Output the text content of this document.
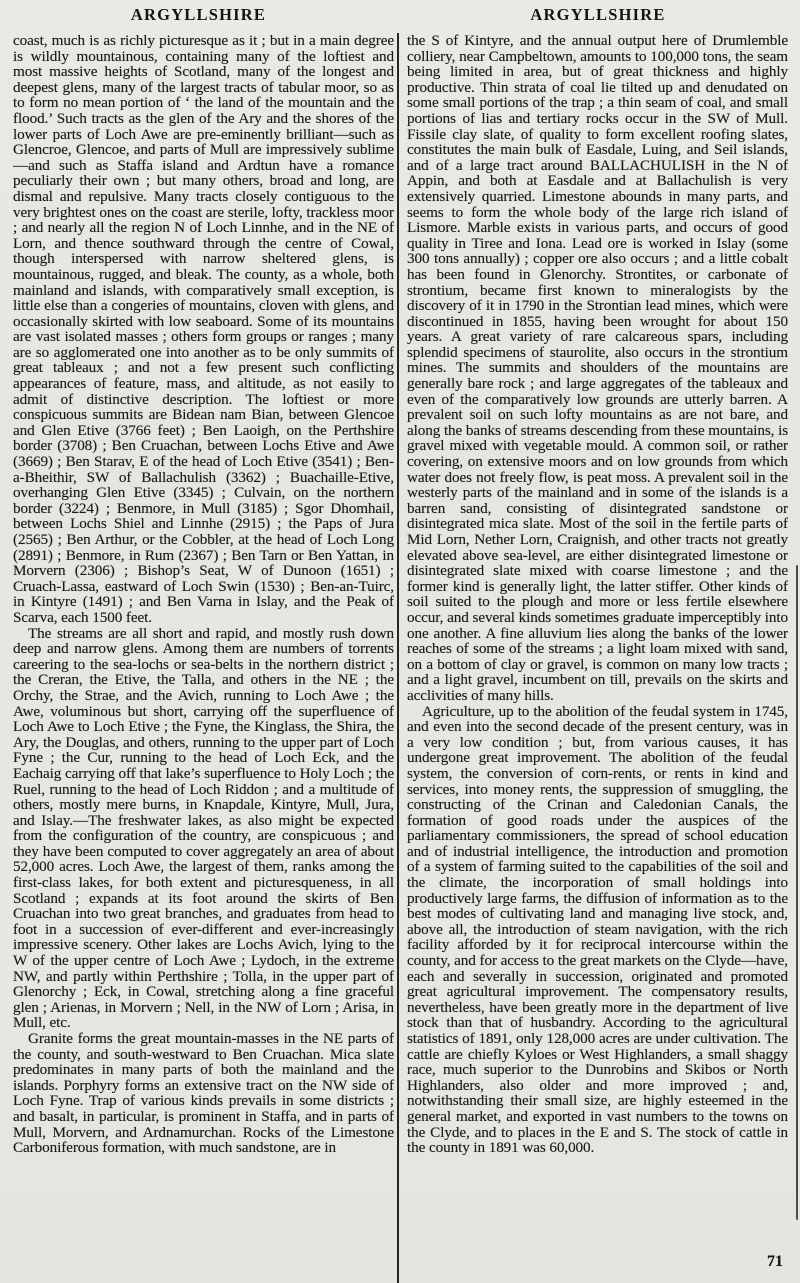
ARGYLLSHIRE	ARGYLLSHIRE

coast, much is as richly picturesque as it ; but in a main degree is wildly mountainous, containing many of the loftiest and most massive heights of Scotland, many of the longest and deepest glens, many of the largest tracts of tabular moor, so as to form no mean portion of ‘ the land of the mountain and the flood.’ Such tracts as the glen of the Ary and the shores of the lower parts of Loch Awe are pre-eminently brilliant—such as Glencroe, Glencoe, and parts of Mull are impressively sublime—and such as Staffa island and Ardtun have a romance peculiarly their own ; but many others, broad and long, are dismal and repulsive. Many tracts closely contiguous to the very brightest ones on the coast are sterile, lofty, trackless moor ; and nearly all the region N of Loch Linnhe, and in the NE of Lorn, and thence southward through the centre of Cowal, though interspersed with narrow sheltered glens, is mountainous, rugged, and bleak. The county, as a whole, both mainland and islands, with comparatively small exception, is little else than a congeries of mountains, cloven with glens, and occasionally skirted with low seaboard. Some of its mountains are vast isolated masses ; others form groups or ranges ; many are so agglomerated one into another as to be only summits of great tableaux ; and not a few present such conflicting appearances of feature, mass, and altitude, as not easily to admit of distinctive description. The loftiest or more conspicuous summits are Bidean nam Bian, between Glencoe and Glen Etive (3766 feet) ; Ben Laoigh, on the Perthshire border (3708) ; Ben Cruachan, between Lochs Etive and Awe (3669) ; Ben Starav, E of the head of Loch Etive (3541) ; Ben-a-Bheithir, SW of Ballachulish (3362) ; Buachaille-Etive, overhanging Glen Etive (3345) ; Culvain, on the northern border (3224) ; Benmore, in Mull (3185) ; Sgor Dhomhail, between Lochs Shiel and Linnhe (2915) ; the Paps of Jura (2565) ; Ben Arthur, or the Cobbler, at the head of Loch Long (2891) ; Benmore, in Rum (2367) ; Ben Tarn or Ben Yattan, in Morvern (2306) ; Bishop’s Seat, W of Dunoon (1651) ; Cruach-Lassa, eastward of Loch Swin (1530) ; Ben-an-Tuirc, in Kintyre (1491) ; and Ben Varna in Islay, and the Peak of Scarva, each 1500 feet.

The streams are all short and rapid, and mostly rush down deep and narrow glens. Among them are numbers of torrents careering to the sea-lochs or sea-belts in the northern district ; the Creran, the Etive, the Talla, and others in the NE ; the Orchy, the Strae, and the Avich, running to Loch Awe ; the Awe, voluminous but short, carrying off the superfluence of Loch Awe to Loch Etive ; the Fyne, the Kinglass, the Shira, the Ary, the Douglas, and others, running to the upper part of Loch Fyne ; the Cur, running to the head of Loch Eck, and the Eachaig carrying off that lake’s superfluence to Holy Loch ; the Ruel, running to the head of Loch Riddon ; and a multitude of others, mostly mere burns, in Knapdale, Kintyre, Mull, Jura, and Islay.—The freshwater lakes, as also might be expected from the configuration of the country, are conspicuous ; and they have been computed to cover aggregately an area of about 52,000 acres. Loch Awe, the largest of them, ranks among the first-class lakes, for both extent and picturesqueness, in all Scotland ; expands at its foot around the skirts of Ben Cruachan into two great branches, and graduates from head to foot in a succession of ever-different and ever-increasingly impressive scenery. Other lakes are Lochs Avich, lying to the W of the upper centre of Loch Awe ; Lydoch, in the extreme NW, and partly within Perthshire ; Tolla, in the upper part of Glenorchy ; Eck, in Cowal, stretching along a fine graceful glen ; Arienas, in Morvern ; Nell, in the NW of Lorn ; Arisa, in Mull, etc.

Granite forms the great mountain-masses in the NE parts of the county, and south-westward to Ben Cruachan. Mica slate predominates in many parts of both the mainland and the islands. Porphyry forms an extensive tract on the NW side of Loch Fyne. Trap of various kinds prevails in some districts ; and basalt, in particular, is prominent in Staffa, and in parts of Mull, Morvern, and Ardnamurchan. Rocks of the Limestone Carboniferous formation, with much sandstone, are in

the S of Kintyre, and the annual output here of Drumlemble colliery, near Campbeltown, amounts to 100,000 tons, the seam being limited in area, but of great thickness and highly productive. Thin strata of coal lie tilted up and denudated on some small portions of the trap ; a thin seam of coal, and small portions of lias and tertiary rocks occur in the SW of Mull. Fissile clay slate, of quality to form excellent roofing slates, constitutes the main bulk of Easdale, Luing, and Seil islands, and of a large tract around BALLACHULISH in the N of Appin, and both at Easdale and at Ballachulish is very extensively quarried. Limestone abounds in many parts, and seems to form the whole body of the large rich island of Lismore. Marble exists in various parts, and occurs of good quality in Tiree and Iona. Lead ore is worked in Islay (some 300 tons annually) ; copper ore also occurs ; and a little cobalt has been found in Glenorchy. Strontites, or carbonate of strontium, became first known to mineralogists by the discovery of it in 1790 in the Strontian lead mines, which were discontinued in 1855, having been wrought for about 150 years. A great variety of rare calcareous spars, including splendid specimens of staurolite, also occurs in the strontium mines. The summits and shoulders of the mountains are generally bare rock ; and large aggregates of the tableaux and even of the comparatively low grounds are utterly barren. A prevalent soil on such lofty mountains as are not bare, and along the banks of streams descending from these mountains, is gravel mixed with vegetable mould. A common soil, or rather covering, on extensive moors and on low grounds from which water does not freely flow, is peat moss. A prevalent soil in the westerly parts of the mainland and in some of the islands is a barren sand, consisting of disintegrated sandstone or disintegrated mica slate. Most of the soil in the fertile parts of Mid Lorn, Nether Lorn, Craignish, and other tracts not greatly elevated above sea-level, are either disintegrated limestone or disintegrated slate mixed with coarse limestone ; and the former kind is generally light, the latter stiffer. Other kinds of soil suited to the plough and more or less fertile elsewhere occur, and several kinds sometimes graduate imperceptibly into one another. A fine alluvium lies along the banks of the lower reaches of some of the streams ; a light loam mixed with sand, on a bottom of clay or gravel, is common on many low tracts ; and a light gravel, incumbent on till, prevails on the skirts and acclivities of many hills.

Agriculture, up to the abolition of the feudal system in 1745, and even into the second decade of the present century, was in a very low condition ; but, from various causes, it has undergone great improvement. The abolition of the feudal system, the conversion of corn-rents, or rents in kind and services, into money rents, the suppression of smuggling, the constructing of the Crinan and Caledonian Canals, the formation of good roads under the auspices of the parliamentary commissioners, the spread of school education and of industrial intelligence, the introduction and promotion of a system of farming suited to the capabilities of the soil and the climate, the incorporation of small holdings into productively large farms, the diffusion of information as to the best modes of cultivating land and managing live stock, and, above all, the introduction of steam navigation, with the rich facility afforded by it for reciprocal intercourse within the county, and for access to the great markets on the Clyde—have, each and severally in succession, originated and promoted great agricultural improvement. The compensatory results, nevertheless, have been greatly more in the department of live stock than that of husbandry. According to the agricultural statistics of 1891, only 128,000 acres are under cultivation. The cattle are chiefly Kyloes or West Highlanders, a small shaggy race, much superior to the Dunrobins and Skibos or North Highlanders, also older and more improved ; and, notwithstanding their small size, are highly esteemed in the general market, and exported in vast numbers to the towns on the Clyde, and to places in the E and S. The stock of cattle in the county in 1891 was 60,000.

71
